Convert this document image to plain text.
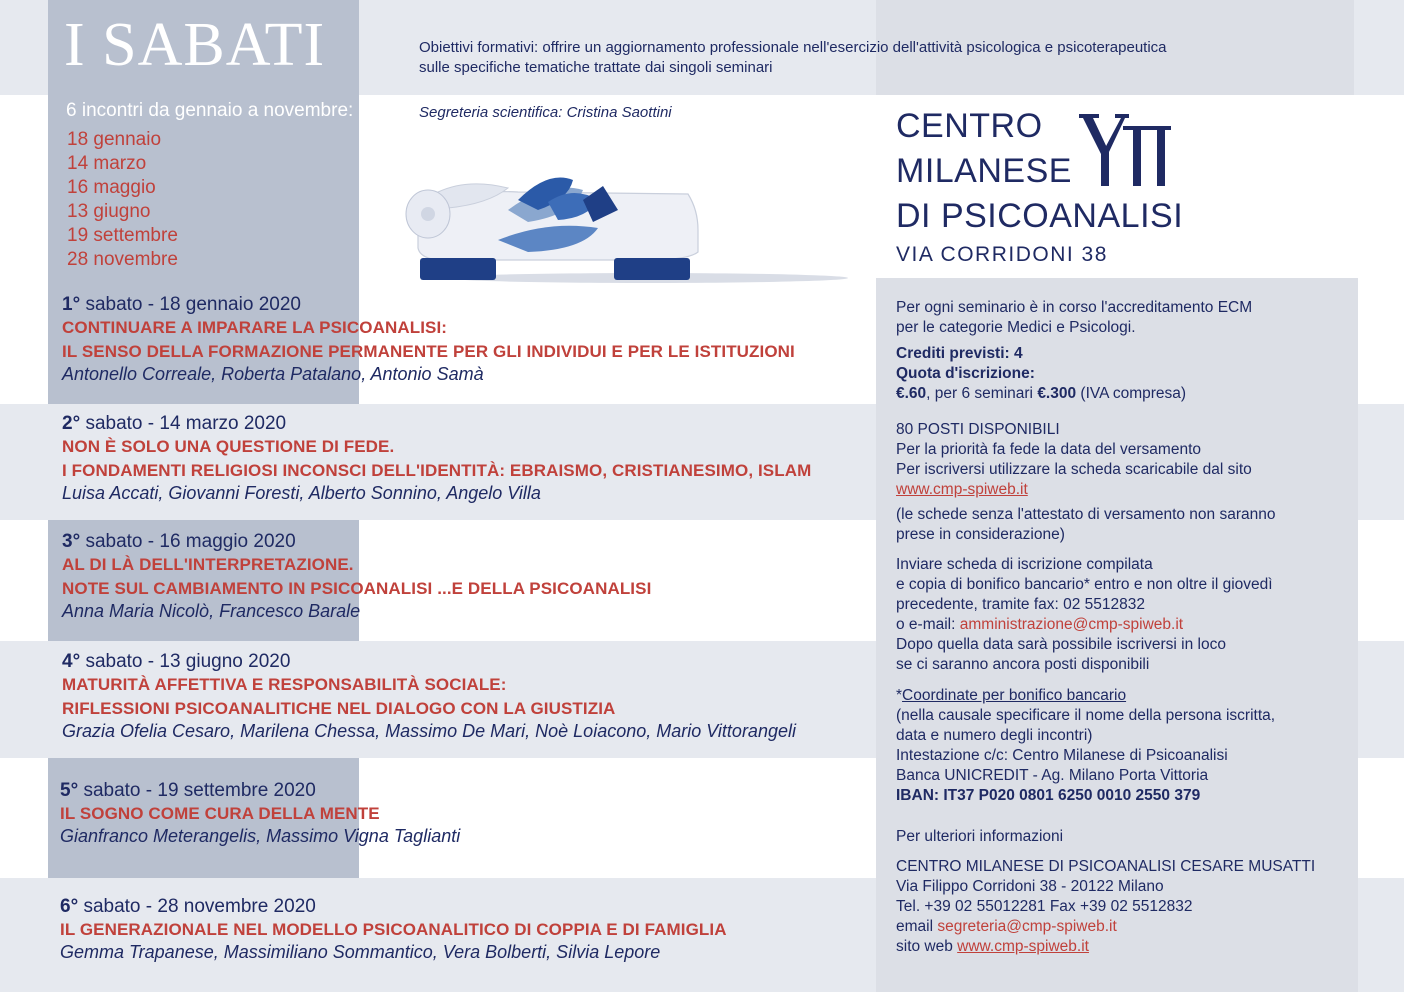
I SABATI
6 incontri da gennaio a novembre:
18 gennaio
14 marzo
16 maggio
13 giugno
19 settembre
28 novembre
Obiettivi formativi: offrire un aggiornamento professionale nell'esercizio dell'attività psicologica e psicoterapeutica
sulle specifiche tematiche trattate dai singoli seminari
Segreteria scientifica: Cristina Saottini	CENTRO
MILANESE
DI PSICOANALISI
VIA CORRIDONI 38
1° sabato - 18 gennaio 2020
CONTINUARE A IMPARARE LA PSICOANALISI:
IL SENSO DELLA FORMAZIONE PERMANENTE PER GLI INDIVIDUI E PER LE ISTITUZIONI
Antonello Correale, Roberta Patalano, Antonio Samà
2° sabato - 14 marzo 2020
NON È SOLO UNA QUESTIONE DI FEDE.
I FONDAMENTI RELIGIOSI INCONSCI DELL'IDENTITÀ: EBRAISMO, CRISTIANESIMO, ISLAM
Luisa Accati, Giovanni Foresti, Alberto Sonnino, Angelo Villa
3° sabato - 16 maggio 2020
AL DI LÀ DELL'INTERPRETAZIONE.
NOTE SUL CAMBIAMENTO IN PSICOANALISI ...E DELLA PSICOANALISI
Anna Maria Nicolò, Francesco Barale
4° sabato - 13 giugno 2020
MATURITÀ AFFETTIVA E RESPONSABILITÀ SOCIALE:
RIFLESSIONI PSICOANALITICHE NEL DIALOGO CON LA GIUSTIZIA
Grazia Ofelia Cesaro, Marilena Chessa, Massimo De Mari, Noè Loiacono, Mario Vittorangeli
5° sabato - 19 settembre 2020
IL SOGNO COME CURA DELLA MENTE
Gianfranco Meterangelis, Massimo Vigna Taglianti
6° sabato - 28 novembre 2020
IL GENERAZIONALE NEL MODELLO PSICOANALITICO DI COPPIA E DI FAMIGLIA
Gemma Trapanese, Massimiliano Sommantico, Vera Bolberti, Silvia Lepore

Per ogni seminario è in corso l'accreditamento ECM

per le categorie Medici e Psicologi.

Crediti previsti: 4

Quota d'iscrizione:

€.60, per 6 seminari €.300 (IVA compresa)

80 POSTI DISPONIBILI

Per la priorità fa fede la data del versamento

Per iscriversi utilizzare la scheda scaricabile dal sito

www.cmp-spiweb.it

(le schede senza l'attestato di versamento non saranno

prese in considerazione)

Inviare scheda di iscrizione compilata

e copia di bonifico bancario* entro e non oltre il giovedì

precedente, tramite fax: 02 5512832

o e-mail: amministrazione@cmp-spiweb.it

Dopo quella data sarà possibile iscriversi in loco

se ci saranno ancora posti disponibili

*Coordinate per bonifico bancario

(nella causale specificare il nome della persona iscritta,

data e numero degli incontri)

Intestazione c/c: Centro Milanese di Psicoanalisi

Banca UNICREDIT - Ag. Milano Porta Vittoria

IBAN: IT37 P020 0801 6250 0010 2550 379

Per ulteriori informazioni

CENTRO MILANESE DI PSICOANALISI CESARE MUSATTI

Via Filippo Corridoni 38 - 20122 Milano

Tel. +39 02 55012281 Fax +39 02 5512832

email segreteria@cmp-spiweb.it

sito web www.cmp-spiweb.it
